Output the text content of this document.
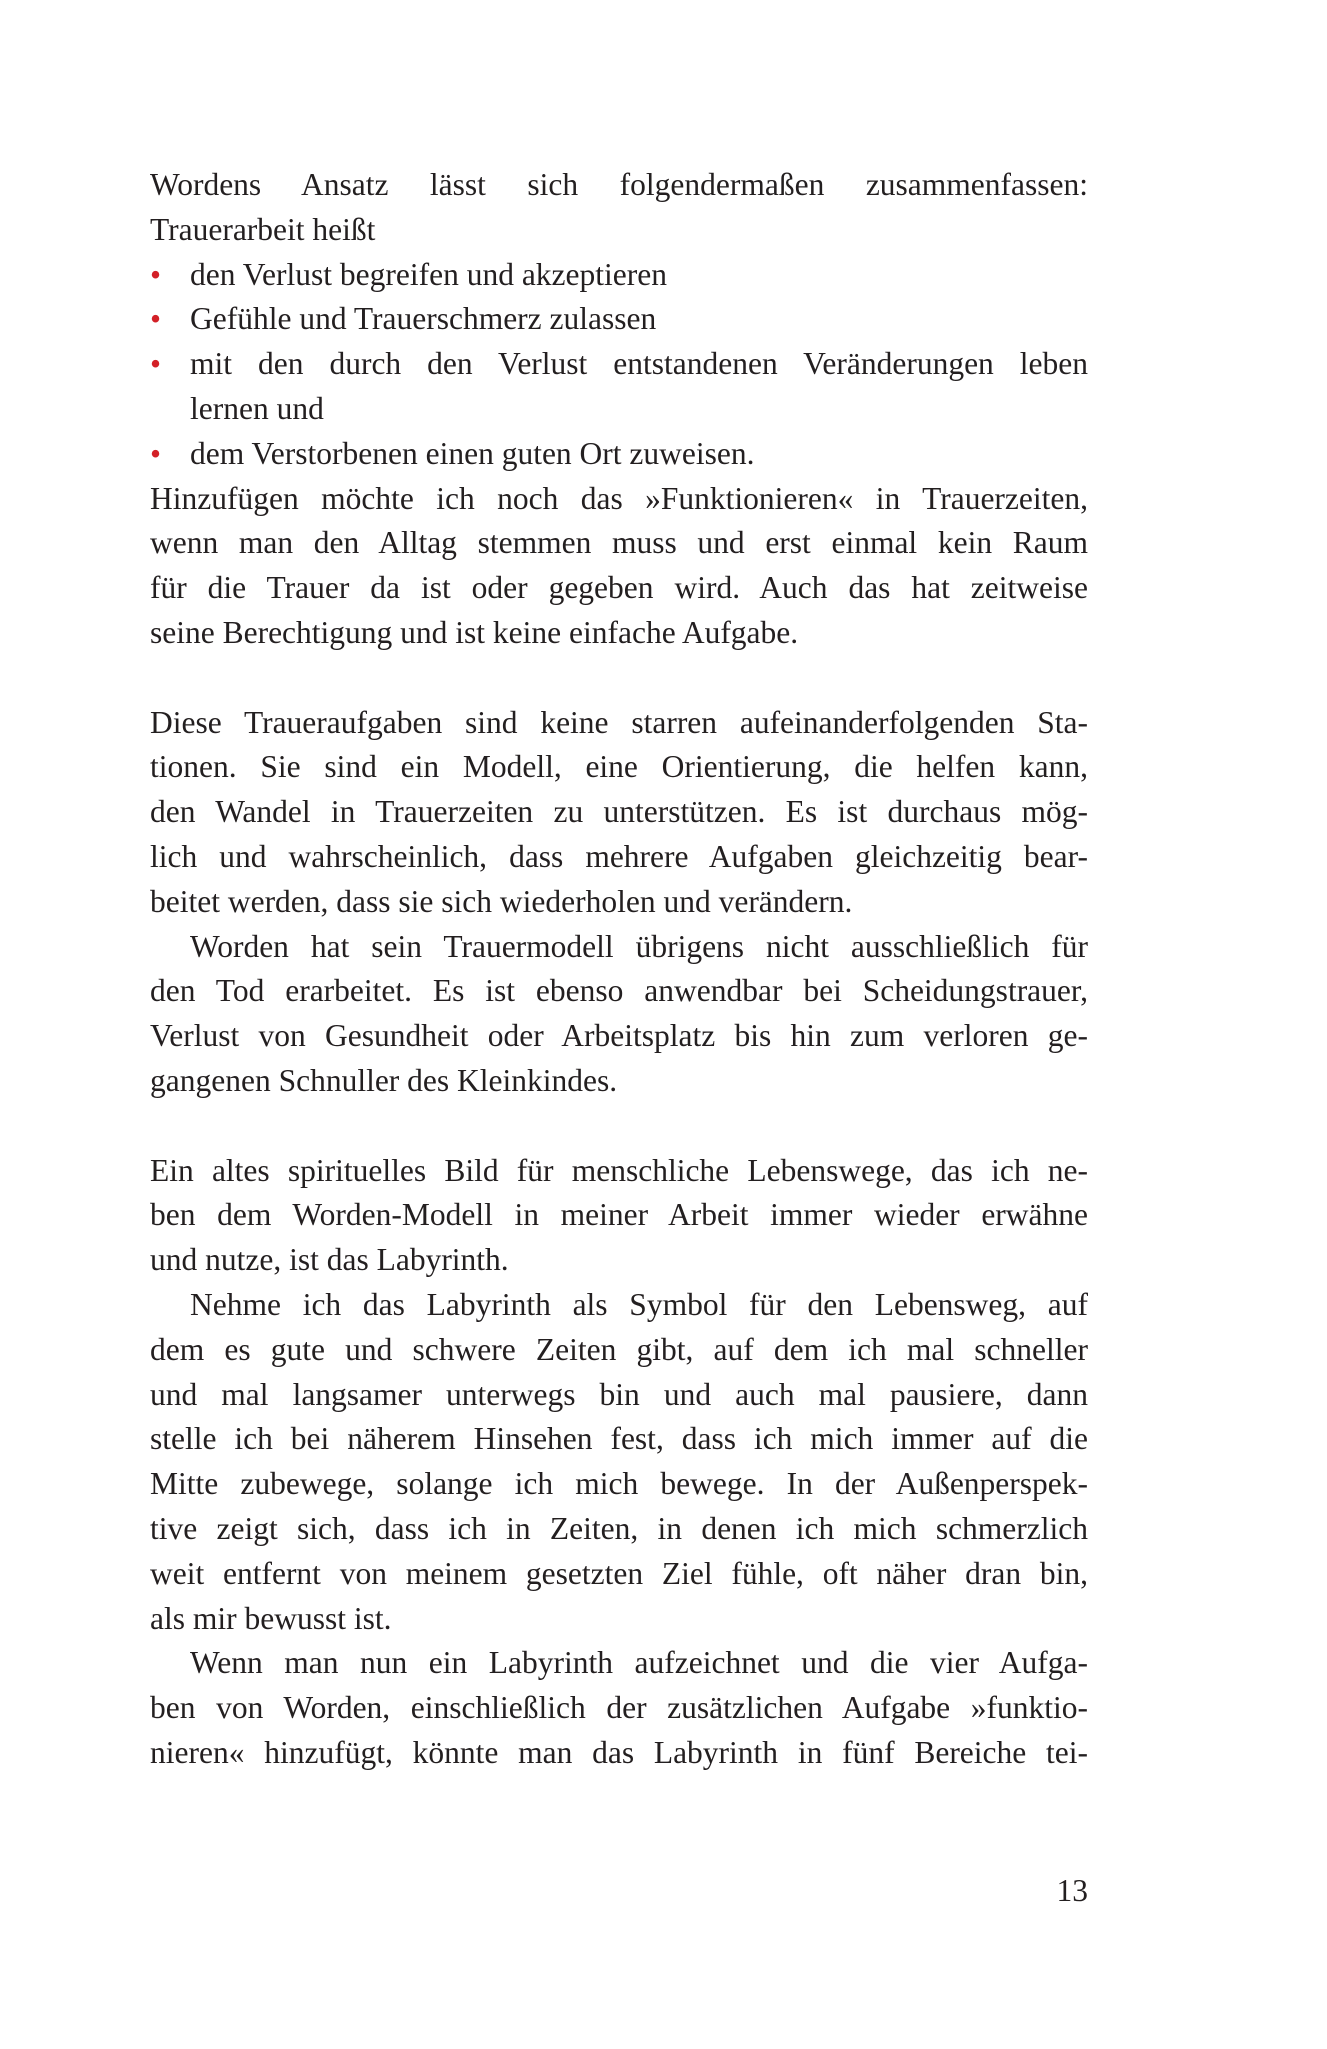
Wordens Ansatz lässt sich folgendermaßen zusammenfassen:
Trauerarbeit heißt
• den Verlust begreifen und akzeptieren
• Gefühle und Trauerschmerz zulassen
• mit den durch den Verlust entstandenen Veränderungen leben
lernen und
• dem Verstorbenen einen guten Ort zuweisen.
Hinzufügen möchte ich noch das »Funktionieren« in Trauerzeiten,
wenn man den Alltag stemmen muss und erst einmal kein Raum
für die Trauer da ist oder gegeben wird. Auch das hat zeitweise
seine Berechtigung und ist keine einfache Aufgabe.
Diese Traueraufgaben sind keine starren aufeinanderfolgenden Sta-
tionen. Sie sind ein Modell, eine Orientierung, die helfen kann,
den Wandel in Trauerzeiten zu unterstützen. Es ist durchaus mög-
lich und wahrscheinlich, dass mehrere Aufgaben gleichzeitig bear-
beitet werden, dass sie sich wiederholen und verändern.
Worden hat sein Trauermodell übrigens nicht ausschließlich für
den Tod erarbeitet. Es ist ebenso anwendbar bei Scheidungstrauer,
Verlust von Gesundheit oder Arbeitsplatz bis hin zum verloren ge-
gangenen Schnuller des Kleinkindes.
Ein altes spirituelles Bild für menschliche Lebenswege, das ich ne-
ben dem Worden-Modell in meiner Arbeit immer wieder erwähne
und nutze, ist das Labyrinth.
Nehme ich das Labyrinth als Symbol für den Lebensweg, auf
dem es gute und schwere Zeiten gibt, auf dem ich mal schneller
und mal langsamer unterwegs bin und auch mal pausiere, dann
stelle ich bei näherem Hinsehen fest, dass ich mich immer auf die
Mitte zubewege, solange ich mich bewege. In der Außenperspek-
tive zeigt sich, dass ich in Zeiten, in denen ich mich schmerzlich
weit entfernt von meinem gesetzten Ziel fühle, oft näher dran bin,
als mir bewusst ist.
Wenn man nun ein Labyrinth aufzeichnet und die vier Aufga-
ben von Worden, einschließlich der zusätzlichen Aufgabe »funktio-
nieren« hinzufügt, könnte man das Labyrinth in fünf Bereiche tei-
13
